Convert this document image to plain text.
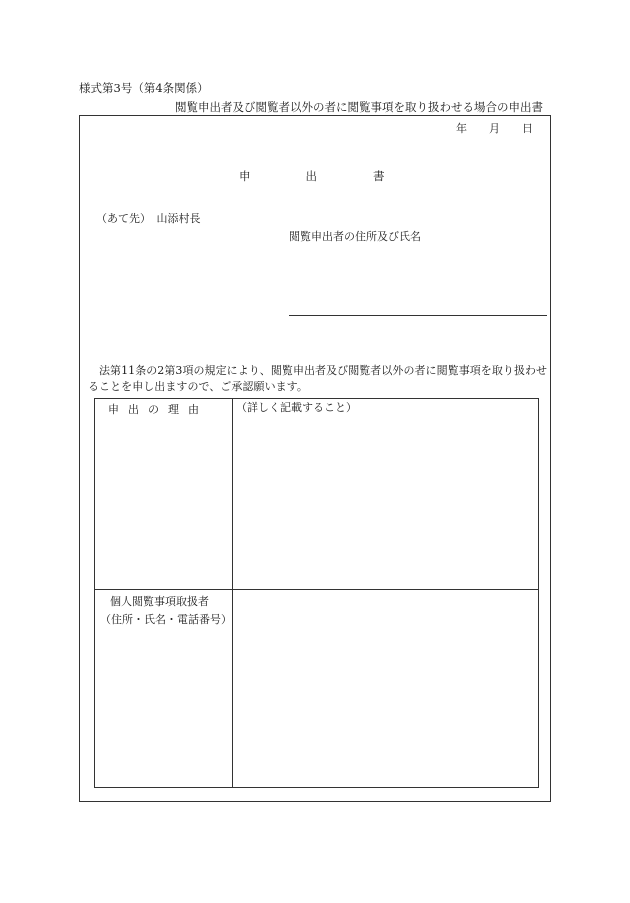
様式第3号（第4条関係）
閲覧申出者及び閲覧者以外の者に閲覧事項を取り扱わせる場合の申出書
年 月 日
申	出	書
（あて先）　山添村長
閲覧申出者の住所及び氏名
法第11条の2第3項の規定により、閲覧申出者及び閲覧者以外の者に閲覧事項を取り扱わせることを申し出ますので、ご承認願います。
申出の理由	（詳しく記載すること）
個人閲覧事項取扱者
（住所・氏名・電話番号）
